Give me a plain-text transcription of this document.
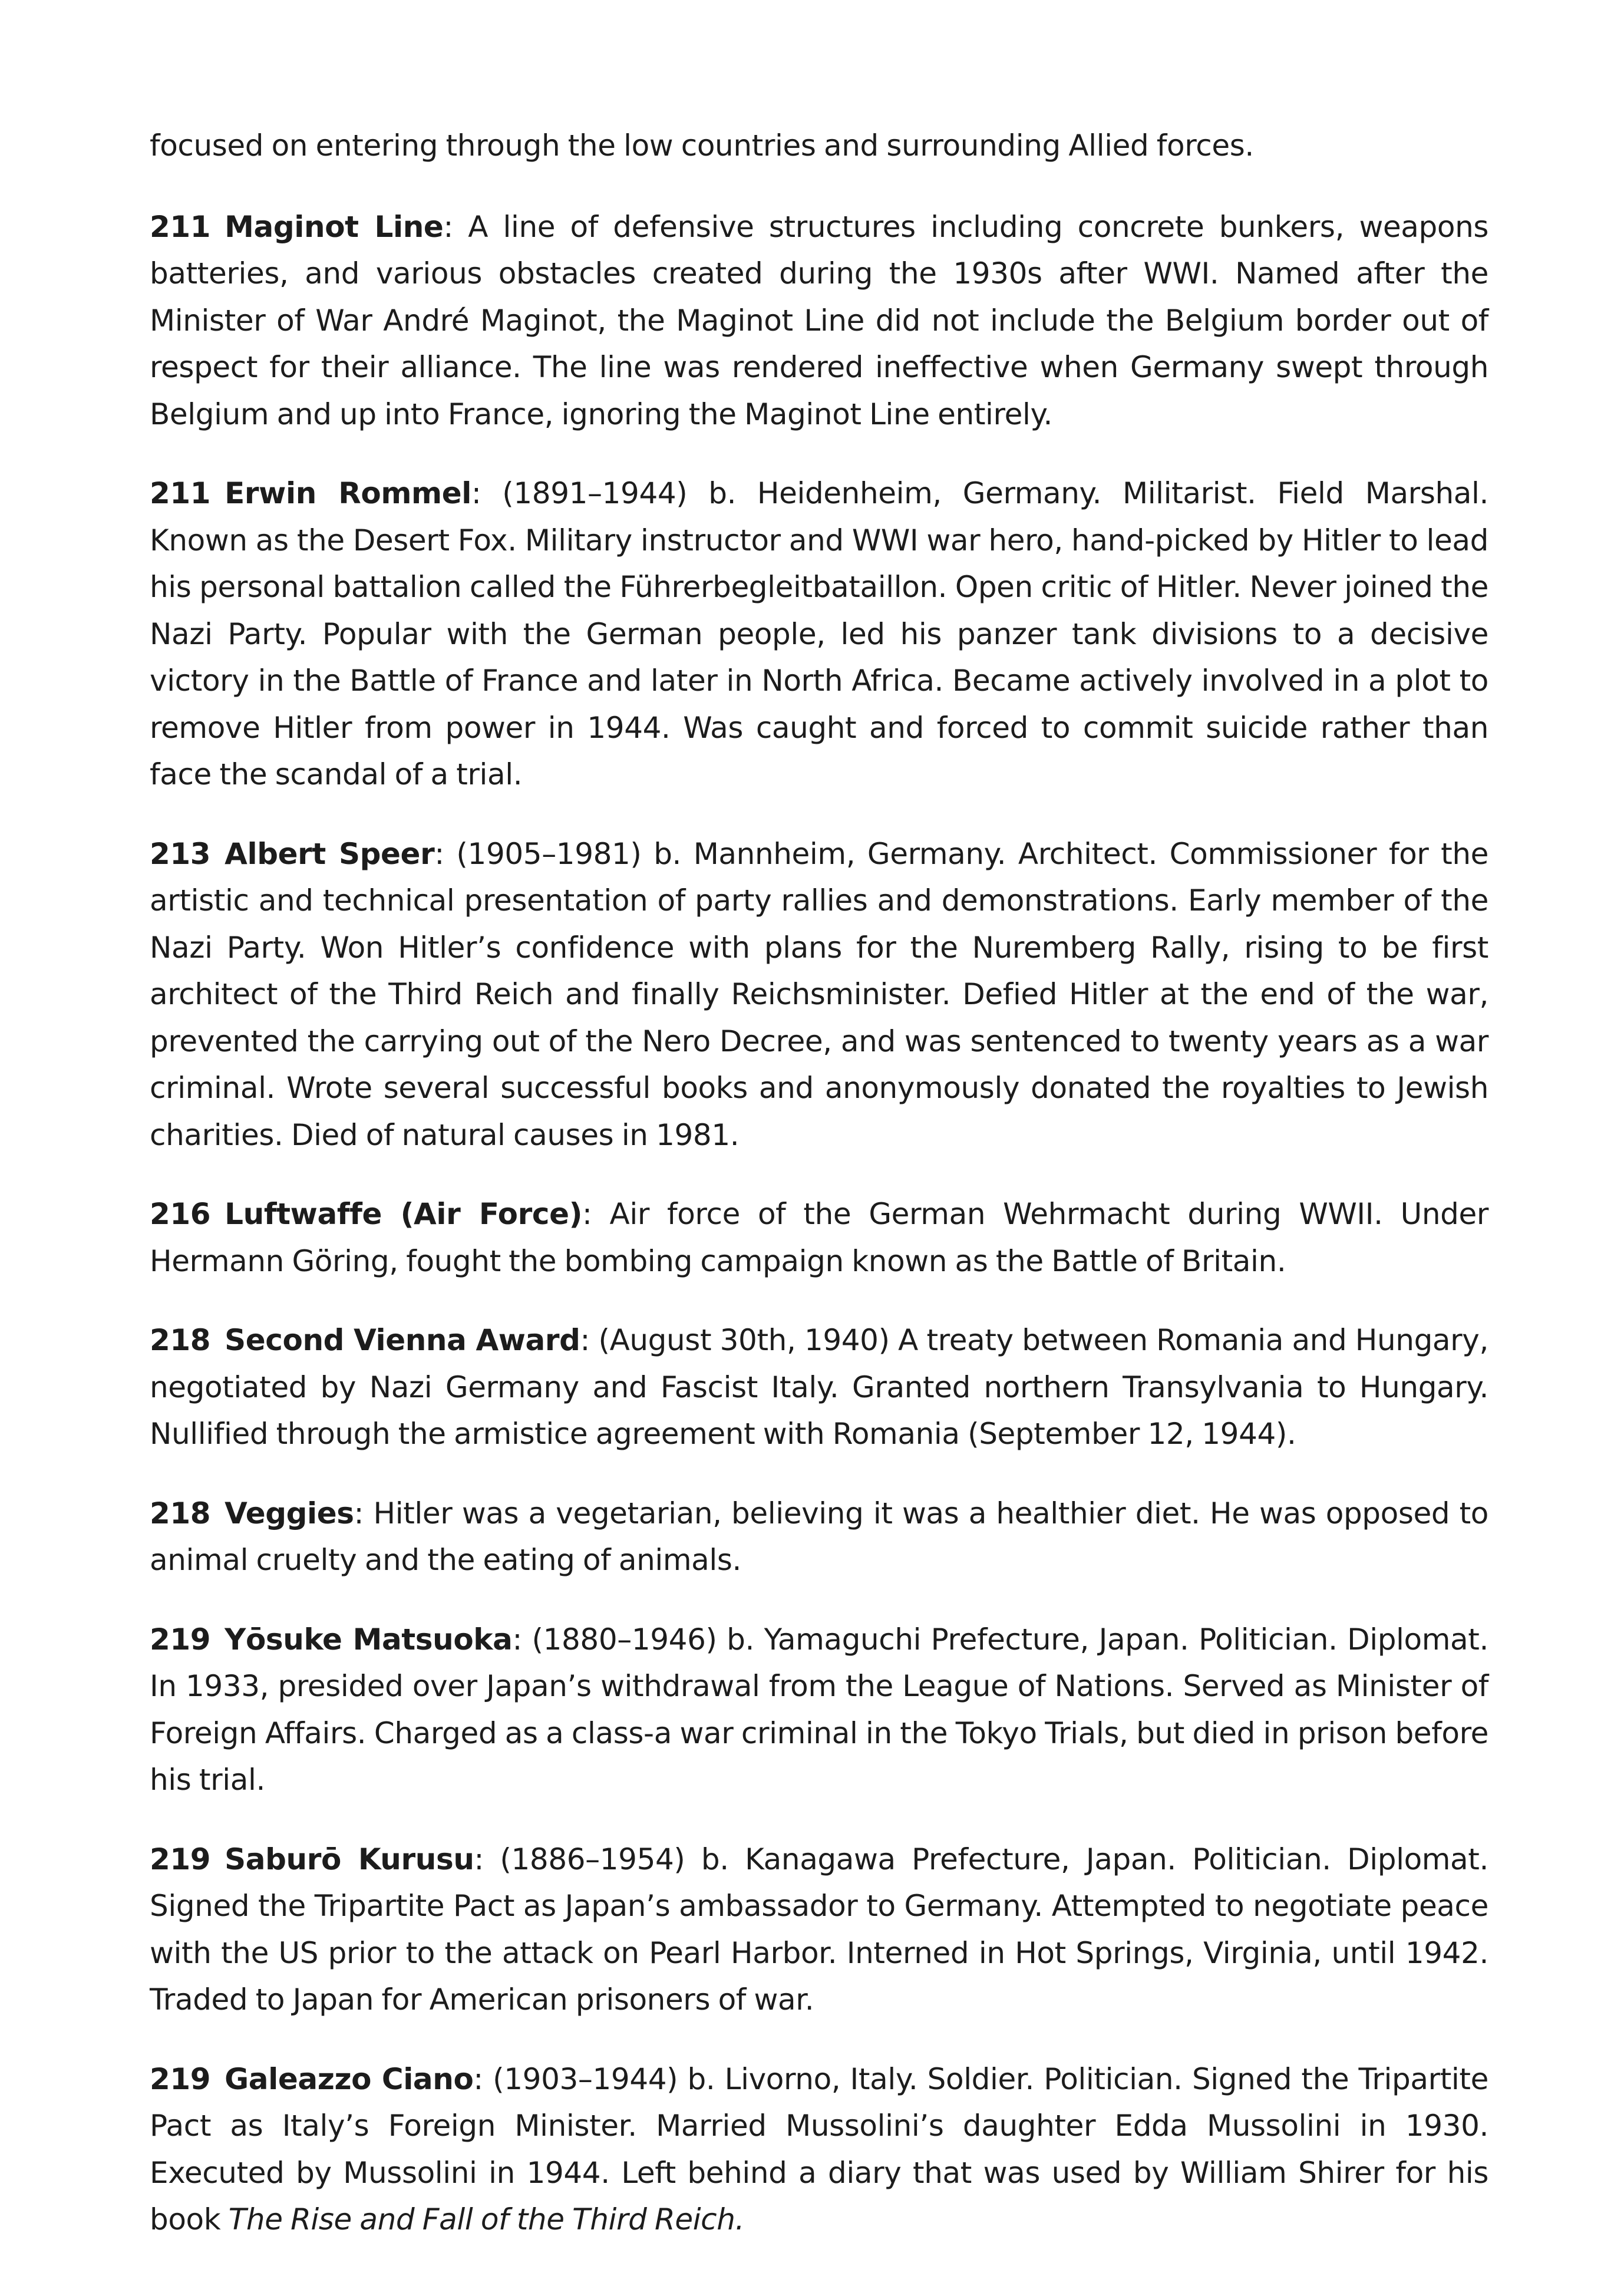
focused on entering through the low countries and surrounding Allied forces.

211 Maginot Line: A line of defensive structures including concrete bunkers, weapons batteries, and various obstacles created during the 1930s after WWI. Named after the Minister of War André Maginot, the Maginot Line did not include the Belgium border out of respect for their alliance. The line was rendered ineffective when Germany swept through Belgium and up into France, ignoring the Maginot Line entirely.

211 Erwin Rommel: (1891–1944) b. Heidenheim, Germany. Militarist. Field Marshal. Known as the Desert Fox. Military instructor and WWI war hero, hand-picked by Hitler to lead his personal battalion called the Führerbegleitbataillon. Open critic of Hitler. Never joined the Nazi Party. Popular with the German people, led his panzer tank divisions to a decisive victory in the Battle of France and later in North Africa. Became actively involved in a plot to remove Hitler from power in 1944. Was caught and forced to commit suicide rather than face the scandal of a trial.

213 Albert Speer: (1905–1981) b. Mannheim, Germany. Architect. Commissioner for the artistic and technical presentation of party rallies and demonstrations. Early member of the Nazi Party. Won Hitler’s confidence with plans for the Nuremberg Rally, rising to be first architect of the Third Reich and finally Reichsminister. Defied Hitler at the end of the war, prevented the carrying out of the Nero Decree, and was sentenced to twenty years as a war criminal. Wrote several successful books and anonymously donated the royalties to Jewish charities. Died of natural causes in 1981.

216 Luftwaffe (Air Force): Air force of the German Wehrmacht during WWII. Under Hermann Göring, fought the bombing campaign known as the Battle of Britain.

218 Second Vienna Award: (August 30th, 1940) A treaty between Romania and Hungary, negotiated by Nazi Germany and Fascist Italy. Granted northern Transylvania to Hungary. Nullified through the armistice agreement with Romania (September 12, 1944).

218 Veggies: Hitler was a vegetarian, believing it was a healthier diet. He was opposed to animal cruelty and the eating of animals.

219 Yōsuke Matsuoka: (1880–1946) b. Yamaguchi Prefecture, Japan. Politician. Diplomat. In 1933, presided over Japan’s withdrawal from the League of Nations. Served as Minister of Foreign Affairs. Charged as a class-a war criminal in the Tokyo Trials, but died in prison before his trial.

219 Saburō Kurusu: (1886–1954) b. Kanagawa Prefecture, Japan. Politician. Diplomat. Signed the Tripartite Pact as Japan’s ambassador to Germany. Attempted to negotiate peace with the US prior to the attack on Pearl Harbor. Interned in Hot Springs, Virginia, until 1942. Traded to Japan for American prisoners of war.

219 Galeazzo Ciano: (1903–1944) b. Livorno, Italy. Soldier. Politician. Signed the Tripartite Pact as Italy’s Foreign Minister. Married Mussolini’s daughter Edda Mussolini in 1930. Executed by Mussolini in 1944. Left behind a diary that was used by William Shirer for his book The Rise and Fall of the Third Reich.
